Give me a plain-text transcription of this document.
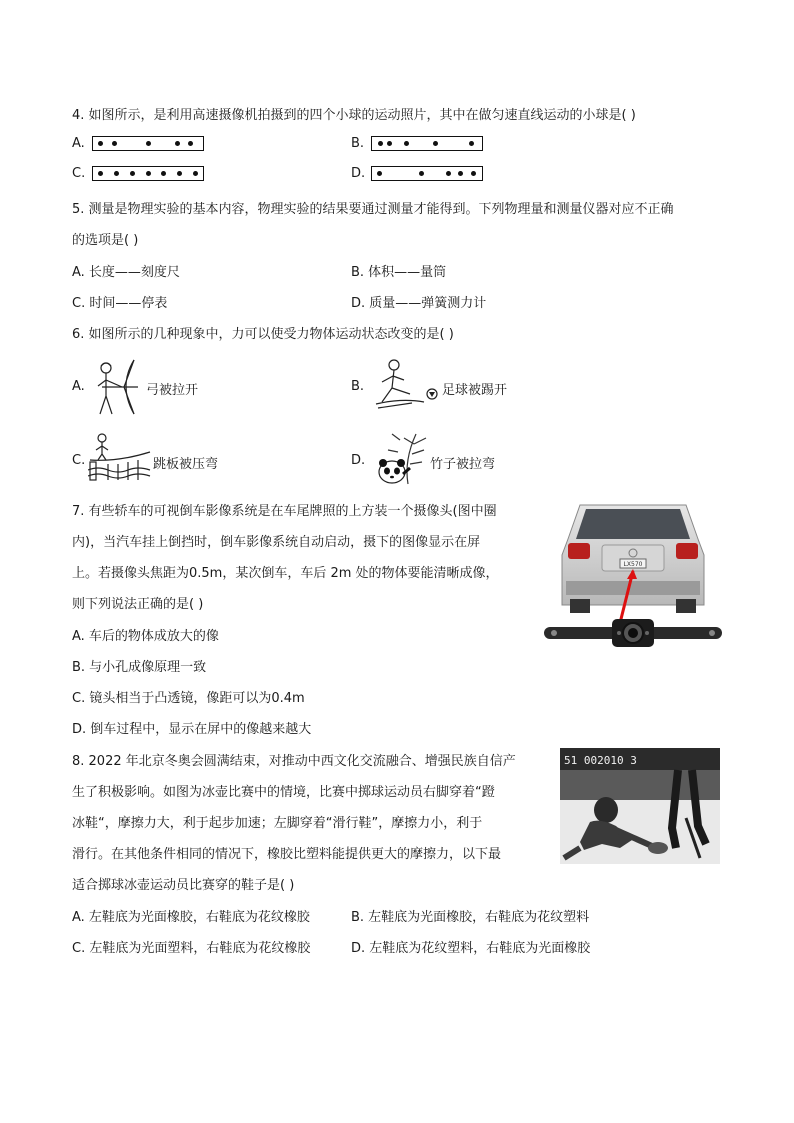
4. 如图所示，是利用高速摄像机拍摄到的四个小球的运动照片，其中在做匀速直线运动的小球是( )
A.	B.
C.	D.
5. 测量是物理实验的基本内容，物理实验的结果要通过测量才能得到。下列物理量和测量仪器对应不正确
的选项是( )
A. 长度——刻度尺	B. 体积——量筒
C. 时间——停表	D. 质量——弹簧测力计
6. 如图所示的几种现象中，力可以使受力物体运动状态改变的是( )
A.	弓被拉开	B.	足球被踢开
C.	跳板被压弯	D.	竹子被拉弯
7. 有些轿车的可视倒车影像系统是在车尾牌照的上方装一个摄像头(图中圈
内)，当汽车挂上倒挡时，倒车影像系统自动启动，摄下的图像显示在屏
上。若摄像头焦距为0.5m，某次倒车，车后 2m 处的物体要能清晰成像，
则下列说法正确的是( )
A. 车后的物体成放大的像
B. 与小孔成像原理一致
C. 镜头相当于凸透镜，像距可以为0.4m
D. 倒车过程中，显示在屏中的像越来越大
LX570
8. 2022 年北京冬奥会圆满结束，对推动中西文化交流融合、增强民族自信产
生了积极影响。如图为冰壶比赛中的情境，比赛中掷球运动员右脚穿着“蹬
冰鞋“，摩擦力大，利于起步加速；左脚穿着“滑行鞋”，摩擦力小，利于
滑行。在其他条件相同的情况下，橡胶比塑料能提供更大的摩擦力，以下最
适合掷球冰壶运动员比赛穿的鞋子是( )
51 002010 3
A. 左鞋底为光面橡胶，右鞋底为花纹橡胶	B. 左鞋底为光面橡胶，右鞋底为花纹塑料
C. 左鞋底为光面塑料，右鞋底为花纹橡胶	D. 左鞋底为花纹塑料，右鞋底为光面橡胶
